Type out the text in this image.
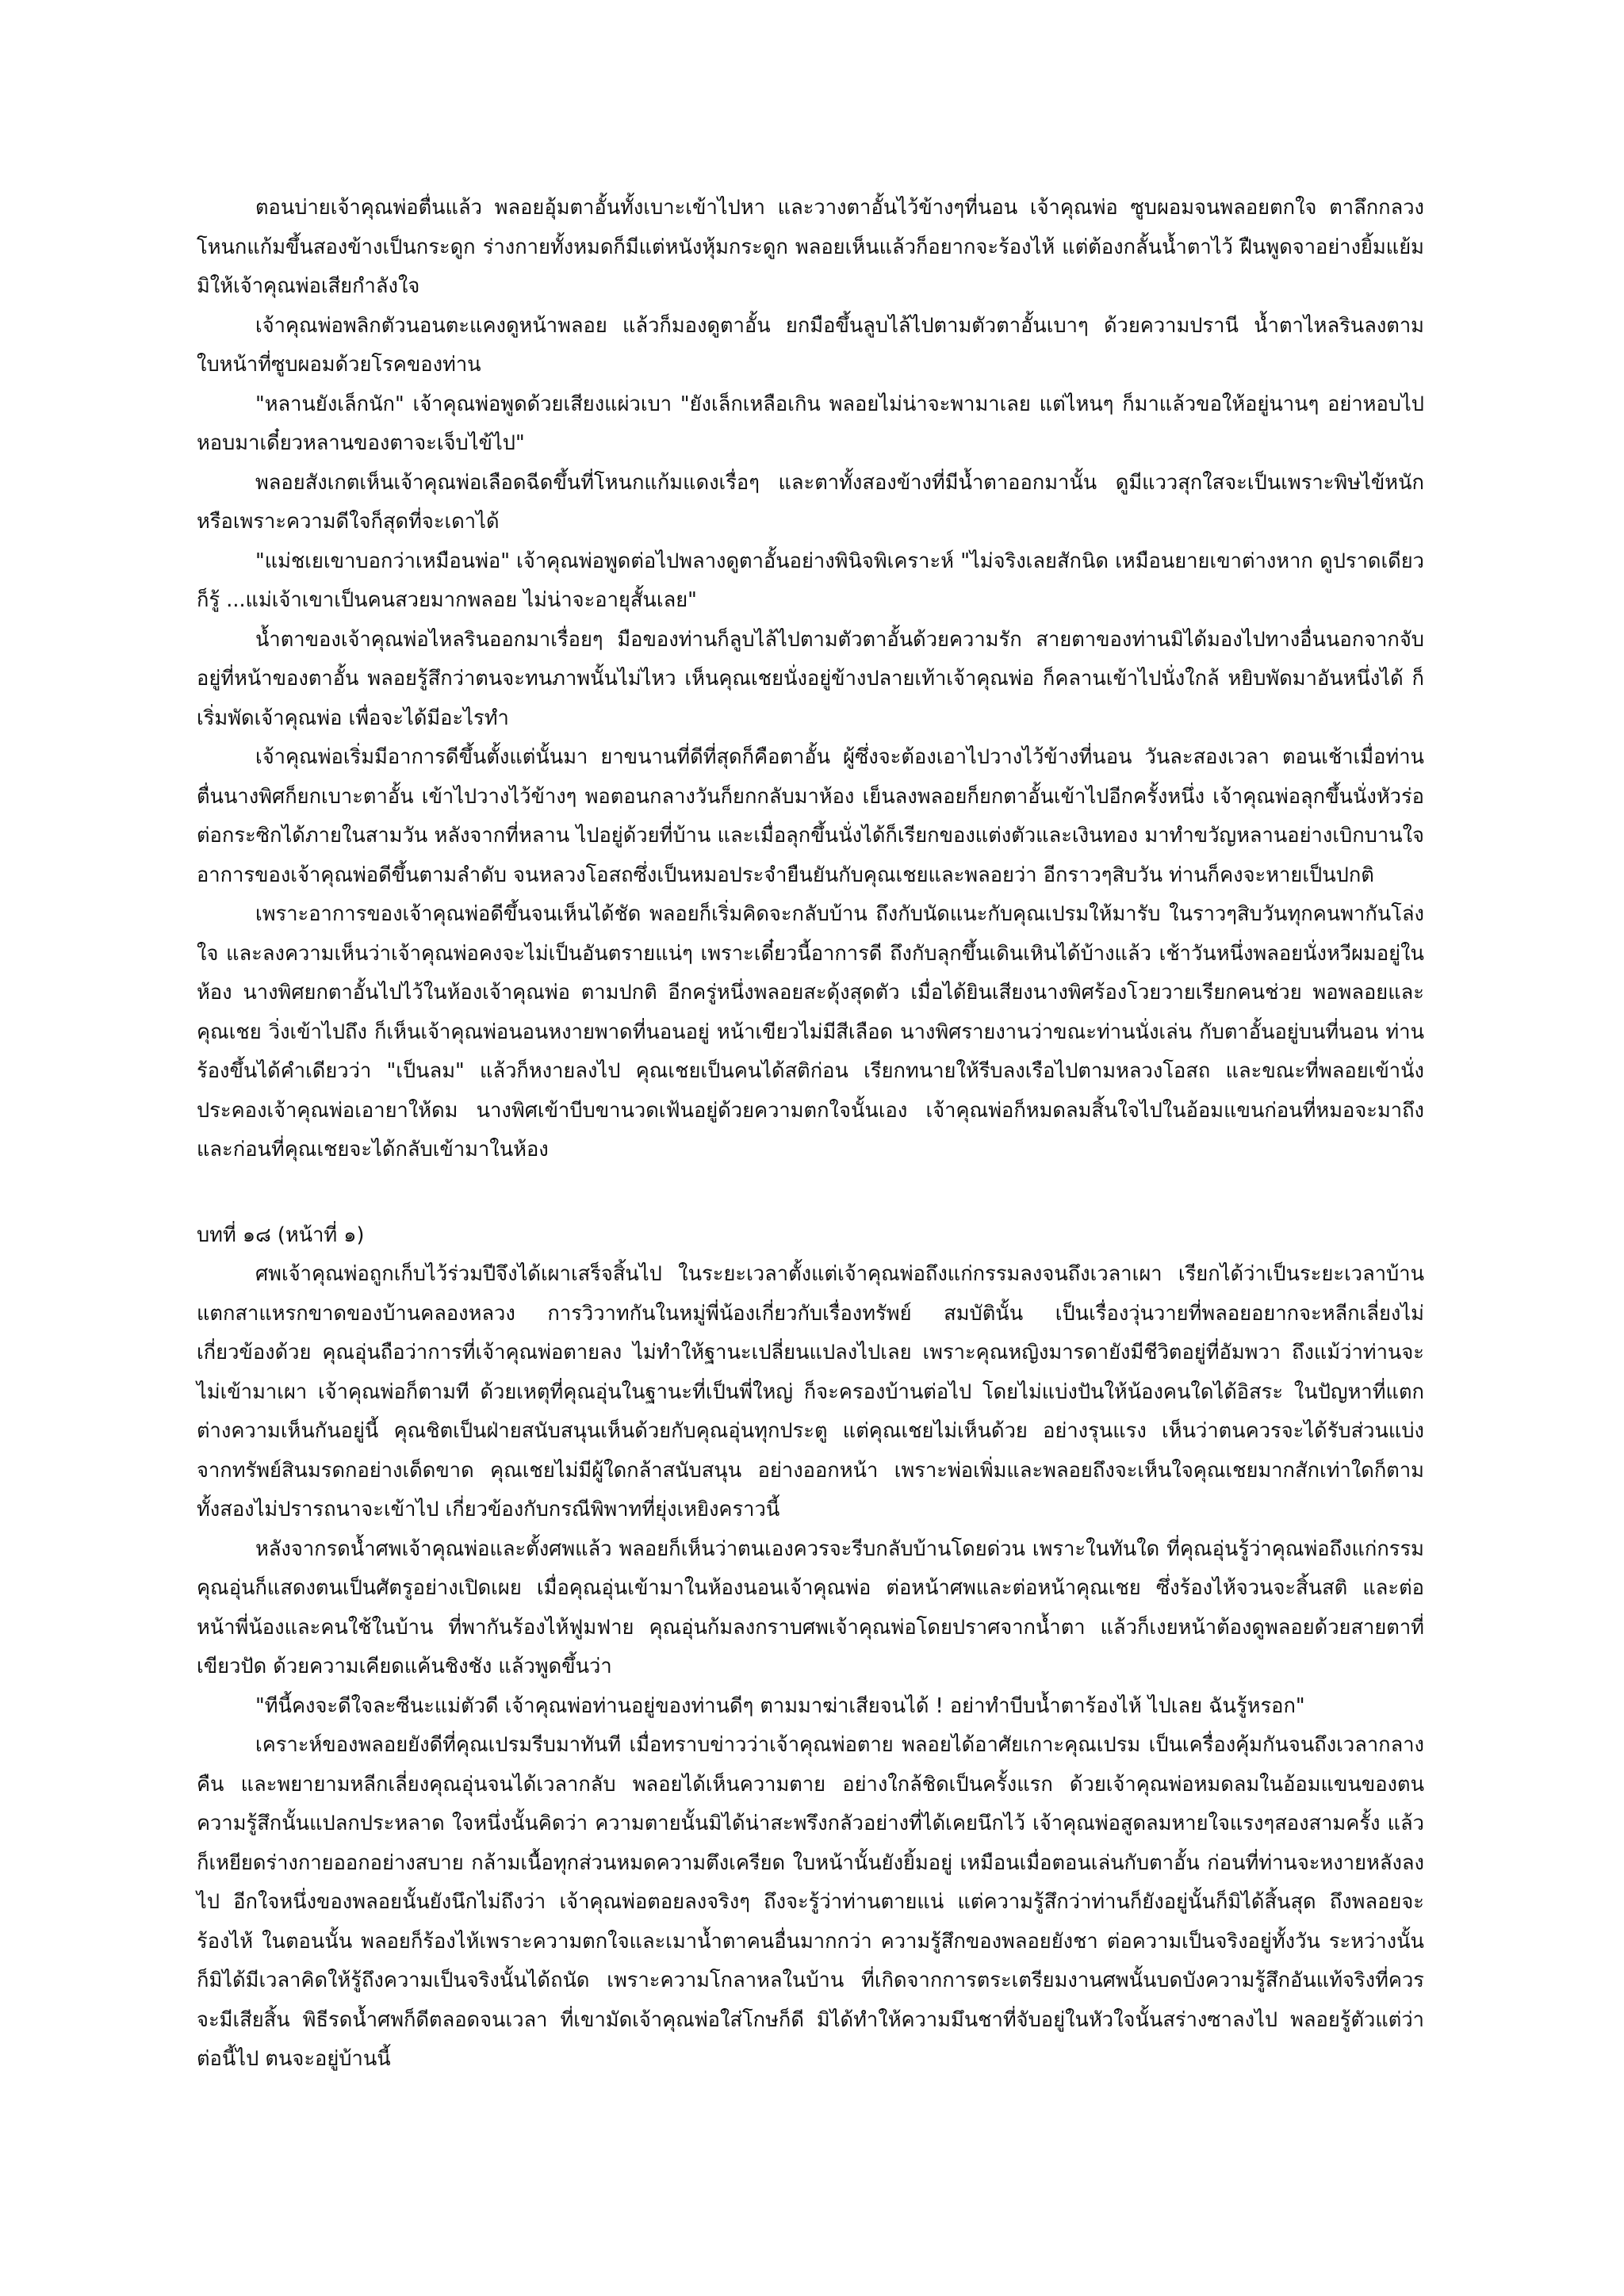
ตอนบ่ายเจ้าคุณพ่อตื่นแล้ว พลอยอุ้มตาอั้นทั้งเบาะเข้าไปหา และวางตาอั้นไว้ข้างๆที่นอน เจ้าคุณพ่อ ซูบผอมจนพลอยตกใจ ตาลึกกลวง โหนกแก้มขึ้นสองข้างเป็นกระดูก ร่างกายทั้งหมดก็มีแต่หนังหุ้มกระดูก พลอยเห็นแล้วก็อยากจะร้องไห้ แต่ต้องกลั้นน้ำตาไว้ ฝืนพูดจาอย่างยิ้มแย้ม มิให้เจ้าคุณพ่อเสียกำลังใจ

เจ้าคุณพ่อพลิกตัวนอนตะแคงดูหน้าพลอย แล้วก็มองดูตาอั้น ยกมือขึ้นลูบไล้ไปตามตัวตาอั้นเบาๆ ด้วยความปรานี น้ำตาไหลรินลงตามใบหน้าที่ซูบผอมด้วยโรคของท่าน

"หลานยังเล็กนัก" เจ้าคุณพ่อพูดด้วยเสียงแผ่วเบา "ยังเล็กเหลือเกิน พลอยไม่น่าจะพามาเลย แต่ไหนๆ ก็มาแล้วขอให้อยู่นานๆ อย่าหอบไปหอบมาเดี๋ยวหลานของตาจะเจ็บไข้ไป"

พลอยสังเกตเห็นเจ้าคุณพ่อเลือดฉีดขึ้นที่โหนกแก้มแดงเรื่อๆ และตาทั้งสองข้างที่มีน้ำตาออกมานั้น ดูมีแววสุกใสจะเป็นเพราะพิษไข้หนัก หรือเพราะความดีใจก็สุดที่จะเดาได้

"แม่ชเยเขาบอกว่าเหมือนพ่อ" เจ้าคุณพ่อพูดต่อไปพลางดูตาอั้นอย่างพินิจพิเคราะห์ "ไม่จริงเลยสักนิด เหมือนยายเขาต่างหาก ดูปราดเดียวก็รู้ ...แม่เจ้าเขาเป็นคนสวยมากพลอย ไม่น่าจะอายุสั้นเลย"

น้ำตาของเจ้าคุณพ่อไหลรินออกมาเรื่อยๆ มือของท่านก็ลูบไล้ไปตามตัวตาอั้นด้วยความรัก สายตาของท่านมิได้มองไปทางอื่นนอกจากจับอยู่ที่หน้าของตาอั้น พลอยรู้สึกว่าตนจะทนภาพนั้นไม่ไหว เห็นคุณเชยนั่งอยู่ข้างปลายเท้าเจ้าคุณพ่อ ก็คลานเข้าไปนั่งใกล้ หยิบพัดมาอันหนึ่งได้ ก็เริ่มพัดเจ้าคุณพ่อ เพื่อจะได้มีอะไรทำ

เจ้าคุณพ่อเริ่มมีอาการดีขึ้นตั้งแต่นั้นมา ยาขนานที่ดีที่สุดก็คือตาอั้น ผู้ซึ่งจะต้องเอาไปวางไว้ข้างที่นอน วันละสองเวลา ตอนเช้าเมื่อท่านตื่นนางพิศก็ยกเบาะตาอั้น เข้าไปวางไว้ข้างๆ พอตอนกลางวันก็ยกกลับมาห้อง เย็นลงพลอยก็ยกตาอั้นเข้าไปอีกครั้งหนึ่ง เจ้าคุณพ่อลุกขึ้นนั่งหัวร่อต่อกระซิกได้ภายในสามวัน หลังจากที่หลาน ไปอยู่ด้วยที่บ้าน และเมื่อลุกขึ้นนั่งได้ก็เรียกของแต่งตัวและเงินทอง มาทำขวัญหลานอย่างเบิกบานใจ อาการของเจ้าคุณพ่อดีขึ้นตามลำดับ จนหลวงโอสถซึ่งเป็นหมอประจำยืนยันกับคุณเชยและพลอยว่า อีกราวๆสิบวัน ท่านก็คงจะหายเป็นปกติ

เพราะอาการของเจ้าคุณพ่อดีขึ้นจนเห็นได้ชัด พลอยก็เริ่มคิดจะกลับบ้าน ถึงกับนัดแนะกับคุณเปรมให้มารับ ในราวๆสิบวันทุกคนพากันโล่งใจ และลงความเห็นว่าเจ้าคุณพ่อคงจะไม่เป็นอันตรายแน่ๆ เพราะเดี๋ยวนี้อาการดี ถึงกับลุกขึ้นเดินเหินได้บ้างแล้ว เช้าวันหนึ่งพลอยนั่งหวีผมอยู่ในห้อง นางพิศยกตาอั้นไปไว้ในห้องเจ้าคุณพ่อ ตามปกติ อีกครู่หนึ่งพลอยสะดุ้งสุดตัว เมื่อได้ยินเสียงนางพิศร้องโวยวายเรียกคนช่วย พอพลอยและคุณเชย วิ่งเข้าไปถึง ก็เห็นเจ้าคุณพ่อนอนหงายพาดที่นอนอยู่ หน้าเขียวไม่มีสีเลือด นางพิศรายงานว่าขณะท่านนั่งเล่น กับตาอั้นอยู่บนที่นอน ท่านร้องขึ้นได้คำเดียวว่า "เป็นลม" แล้วก็หงายลงไป คุณเชยเป็นคนได้สติก่อน เรียกทนายให้รีบลงเรือไปตามหลวงโอสถ และขณะที่พลอยเข้านั่งประคองเจ้าคุณพ่อเอายาให้ดม นางพิศเข้าบีบขานวดเฟ้นอยู่ด้วยความตกใจนั้นเอง เจ้าคุณพ่อก็หมดลมสิ้นใจไปในอ้อมแขนก่อนที่หมอจะมาถึง และก่อนที่คุณเชยจะได้กลับเข้ามาในห้อง

บทที่ ๑๘ (หน้าที่ ๑)

ศพเจ้าคุณพ่อถูกเก็บไว้ร่วมปีจึงได้เผาเสร็จสิ้นไป ในระยะเวลาตั้งแต่เจ้าคุณพ่อถึงแก่กรรมลงจนถึงเวลาเผา เรียกได้ว่าเป็นระยะเวลาบ้านแตกสาแหรกขาดของบ้านคลองหลวง การวิวาทกันในหมู่พี่น้องเกี่ยวกับเรื่องทรัพย์ สมบัตินั้น เป็นเรื่องวุ่นวายที่พลอยอยากจะหลีกเลี่ยงไม่เกี่ยวข้องด้วย คุณอุ่นถือว่าการที่เจ้าคุณพ่อตายลง ไม่ทำให้ฐานะเปลี่ยนแปลงไปเลย เพราะคุณหญิงมารดายังมีชีวิตอยู่ที่อัมพวา ถึงแม้ว่าท่านจะไม่เข้ามาเผา เจ้าคุณพ่อก็ตามที ด้วยเหตุที่คุณอุ่นในฐานะที่เป็นพี่ใหญ่ ก็จะครองบ้านต่อไป โดยไม่แบ่งปันให้น้องคนใดได้อิสระ ในปัญหาที่แตกต่างความเห็นกันอยู่นี้ คุณชิตเป็นฝ่ายสนับสนุนเห็นด้วยกับคุณอุ่นทุกประตู แต่คุณเชยไม่เห็นด้วย อย่างรุนแรง เห็นว่าตนควรจะได้รับส่วนแบ่งจากทรัพย์สินมรดกอย่างเด็ดขาด คุณเชยไม่มีผู้ใดกล้าสนับสนุน อย่างออกหน้า เพราะพ่อเพิ่มและพลอยถึงจะเห็นใจคุณเชยมากสักเท่าใดก็ตาม ทั้งสองไม่ปรารถนาจะเข้าไป เกี่ยวข้องกับกรณีพิพาทที่ยุ่งเหยิงคราวนี้

หลังจากรดน้ำศพเจ้าคุณพ่อและตั้งศพแล้ว พลอยก็เห็นว่าตนเองควรจะรีบกลับบ้านโดยด่วน เพราะในทันใด ที่คุณอุ่นรู้ว่าคุณพ่อถึงแก่กรรม คุณอุ่นก็แสดงตนเป็นศัตรูอย่างเปิดเผย เมื่อคุณอุ่นเข้ามาในห้องนอนเจ้าคุณพ่อ ต่อหน้าศพและต่อหน้าคุณเชย ซึ่งร้องไห้จวนจะสิ้นสติ และต่อหน้าพี่น้องและคนใช้ในบ้าน ที่พากันร้องไห้ฟูมฟาย คุณอุ่นก้มลงกราบศพเจ้าคุณพ่อโดยปราศจากน้ำตา แล้วก็เงยหน้าต้องดูพลอยด้วยสายตาที่เขียวปัด ด้วยความเคียดแค้นชิงชัง แล้วพูดขึ้นว่า

"ทีนี้คงจะดีใจละซีนะแม่ตัวดี เจ้าคุณพ่อท่านอยู่ของท่านดีๆ ตามมาฆ่าเสียจนได้ ! อย่าทำบีบน้ำตาร้องไห้ ไปเลย ฉันรู้หรอก"

เคราะห์ของพลอยยังดีที่คุณเปรมรีบมาทันที เมื่อทราบข่าวว่าเจ้าคุณพ่อตาย พลอยได้อาศัยเกาะคุณเปรม เป็นเครื่องคุ้มกันจนถึงเวลากลางคืน และพยายามหลีกเลี่ยงคุณอุ่นจนได้เวลากลับ พลอยได้เห็นความตาย อย่างใกล้ชิดเป็นครั้งแรก ด้วยเจ้าคุณพ่อหมดลมในอ้อมแขนของตน ความรู้สึกนั้นแปลกประหลาด ใจหนึ่งนั้นคิดว่า ความตายนั้นมิได้น่าสะพรึงกลัวอย่างที่ได้เคยนึกไว้ เจ้าคุณพ่อสูดลมหายใจแรงๆสองสามครั้ง แล้วก็เหยียดร่างกายออกอย่างสบาย กล้ามเนื้อทุกส่วนหมดความตึงเครียด ใบหน้านั้นยังยิ้มอยู่ เหมือนเมื่อตอนเล่นกับตาอั้น ก่อนที่ท่านจะหงายหลังลงไป อีกใจหนึ่งของพลอยนั้นยังนึกไม่ถึงว่า เจ้าคุณพ่อตอยลงจริงๆ ถึงจะรู้ว่าท่านตายแน่ แต่ความรู้สึกว่าท่านก็ยังอยู่นั้นก็มิได้สิ้นสุด ถึงพลอยจะร้องไห้ ในตอนนั้น พลอยก็ร้องไห้เพราะความตกใจและเมาน้ำตาคนอื่นมากกว่า ความรู้สึกของพลอยยังชา ต่อความเป็นจริงอยู่ทั้งวัน ระหว่างนั้นก็มิได้มีเวลาคิดให้รู้ถึงความเป็นจริงนั้นได้ถนัด เพราะความโกลาหลในบ้าน ที่เกิดจากการตระเตรียมงานศพนั้นบดบังความรู้สึกอันแท้จริงที่ควรจะมีเสียสิ้น พิธีรดน้ำศพก็ดีตลอดจนเวลา ที่เขามัดเจ้าคุณพ่อใส่โกษก็ดี มิได้ทำให้ความมึนชาที่จับอยู่ในหัวใจนั้นสร่างซาลงไป พลอยรู้ตัวแต่ว่าต่อนี้ไป ตนจะอยู่บ้านนี้
